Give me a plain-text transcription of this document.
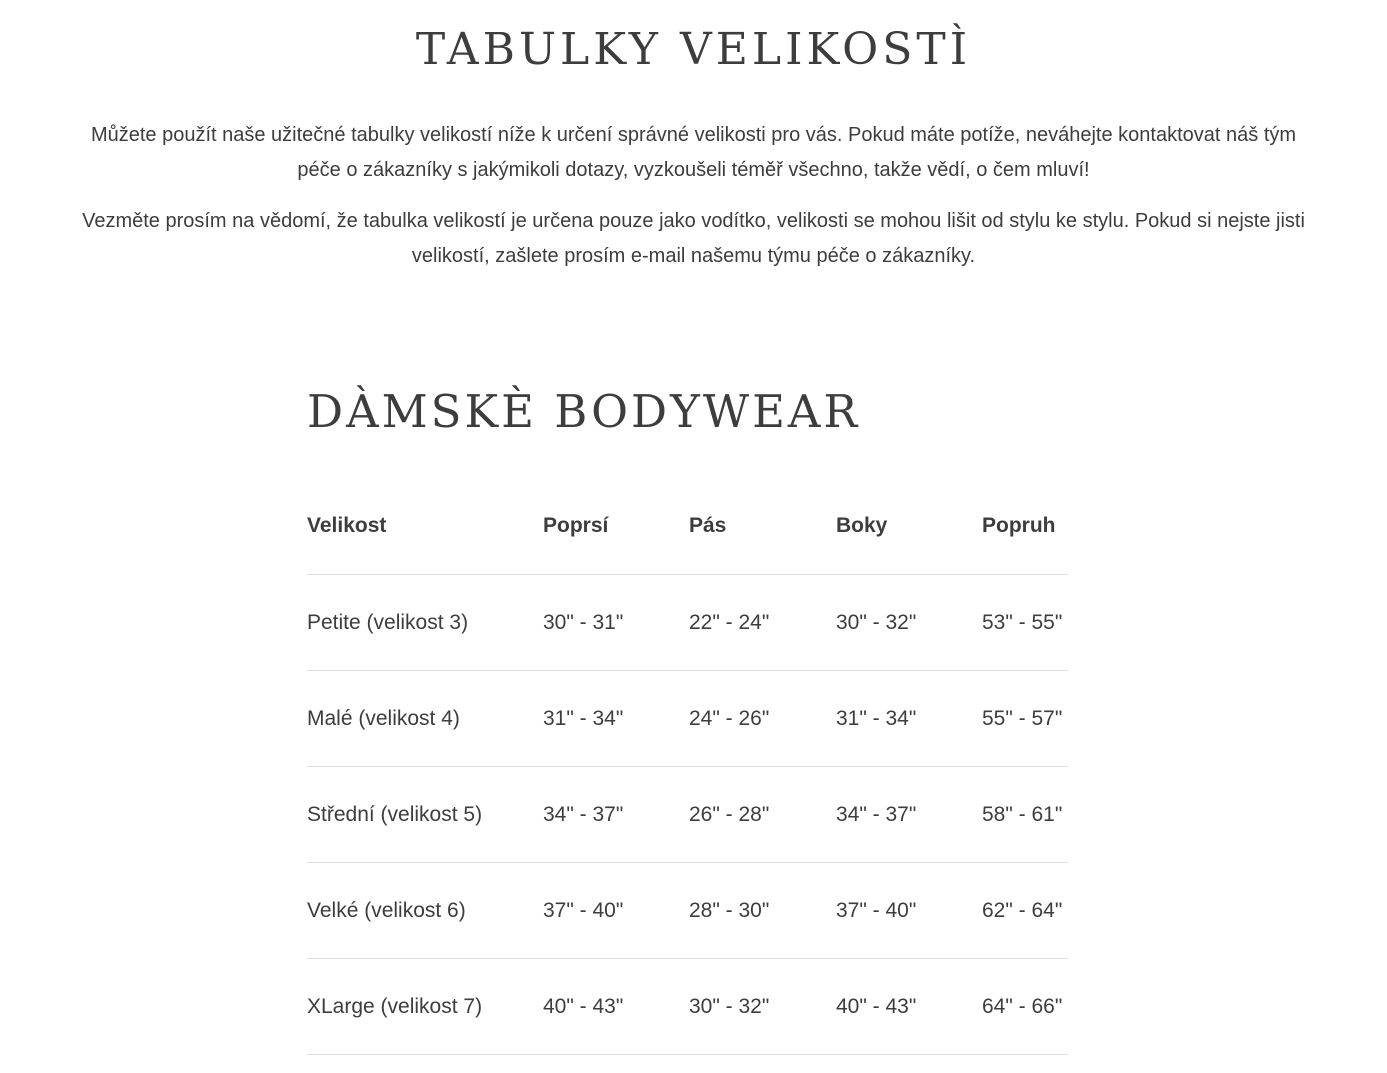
TABULKY VELIKOSTÌ

Můžete použít naše užitečné tabulky velikostí níže k určení správné velikosti pro vás. Pokud máte potíže, neváhejte kontaktovat náš tým péče o zákazníky s jakýmikoli dotazy, vyzkoušeli téměř všechno, takže vědí, o čem mluví!

Vezměte prosím na vědomí, že tabulka velikostí je určena pouze jako vodítko, velikosti se mohou lišit od stylu ke stylu. Pokud si nejste jisti velikostí, zašlete prosím e-mail našemu týmu péče o zákazníky.

DÀMSKÈ BODYWEAR
Velikost	Poprsí	Pás	Boky	Popruh
Petite (velikost 3)	30" - 31"	22" - 24"	30" - 32"	53" - 55"
Malé (velikost 4)	31" - 34"	24" - 26"	31" - 34"	55" - 57"
Střední (velikost 5)	34" - 37"	26" - 28"	34" - 37"	58" - 61"
Velké (velikost 6)	37" - 40"	28" - 30"	37" - 40"	62" - 64"
XLarge (velikost 7)	40" - 43"	30" - 32"	40" - 43"	64" - 66"
